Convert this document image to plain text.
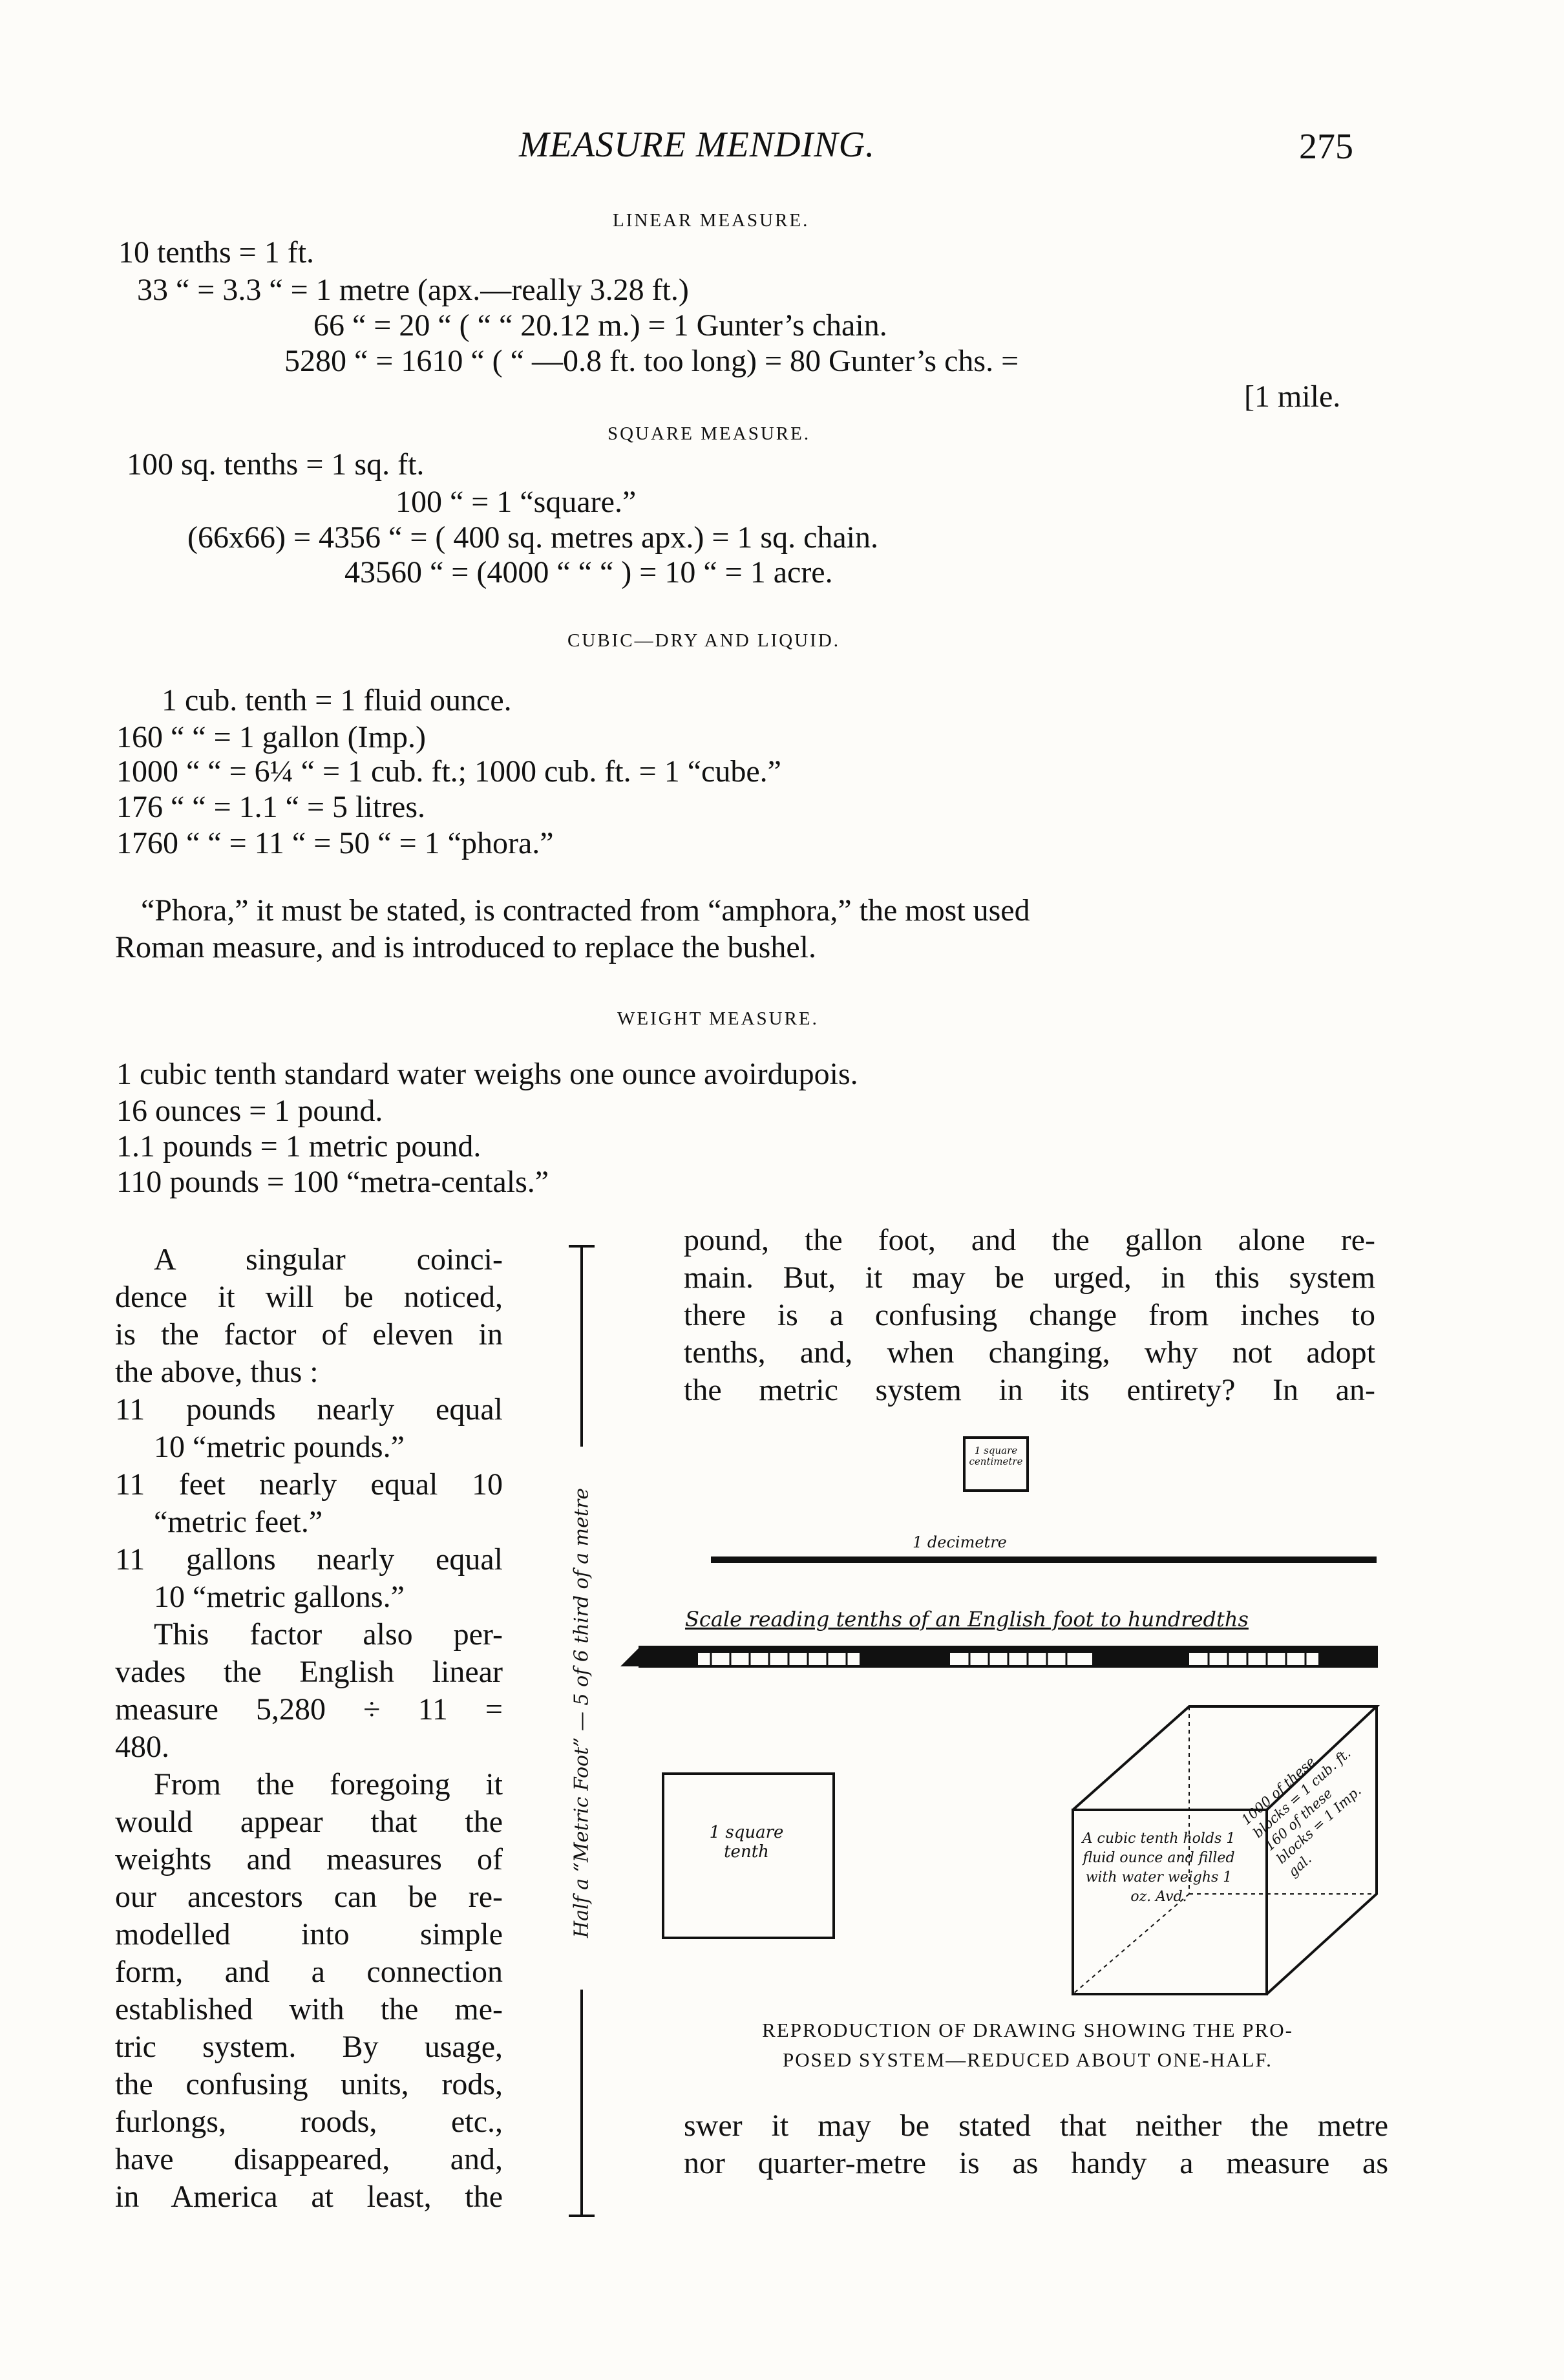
MEASURE MENDING.	275
LINEAR MEASURE.
10 tenths = 1 ft.
33 “ = 3.3 “ = 1 metre (apx.—really 3.28 ft.)
66 “ = 20 “ ( “ “ 20.12 m.) = 1 Gunter’s chain.
5280 “ = 1610 “ ( “ —0.8 ft. too long) = 80 Gunter’s chs. =
[1 mile.
SQUARE MEASURE.
100 sq. tenths = 1 sq. ft.
100 “ = 1 “square.”
(66x66) = 4356 “ = ( 400 sq. metres apx.) = 1 sq. chain.
43560 “ = (4000 “ “ “ ) = 10 “ = 1 acre.
CUBIC—DRY AND LIQUID.
1 cub. tenth = 1 fluid ounce.
160 “ “ = 1 gallon (Imp.)
1000 “ “ = 6¼ “ = 1 cub. ft.; 1000 cub. ft. = 1 “cube.”
176 “ “ = 1.1 “ = 5 litres.
1760 “ “ = 11 “ = 50 “ = 1 “phora.”
“Phora,” it must be stated, is contracted from “amphora,” the most used
Roman measure, and is introduced to replace the bushel.
WEIGHT MEASURE.
1 cubic tenth standard water weighs one ounce avoirdupois.
16 ounces = 1 pound.
1.1 pounds = 1 metric pound.
110 pounds = 100 “metra-centals.”
A singular coinci-
dence it will be noticed,
is the factor of eleven in
the above, thus :
11 pounds nearly equal
10 “metric pounds.”
11 feet nearly equal 10
“metric feet.”
11 gallons nearly equal
10 “metric gallons.”
This factor also per-
vades the English linear
measure 5,280 ÷ 11 =
480.
From the foregoing it
would appear that the
weights and measures of
our ancestors can be re-
modelled into simple
form, and a connection
established with the me-
tric system. By usage,
the confusing units, rods,
furlongs, roods, etc.,
have disappeared, and,
in America at least, the
Half a “Metric Foot” — 5 of 6 third of a metre
pound, the foot, and the gallon alone re-
main. But, it may be urged, in this system
there is a confusing change from inches to
tenths, and, when changing, why not adopt
the metric system in its entirety? In an-
1 square centimetre
1 decimetre
Scale reading tenths of an English foot to hundredths
1 square tenth
A cubic tenth holds 1 fluid ounce and filled with water weighs 1 oz. Avd.
1000 of these blocks = 1 cub. ft. 160 of these blocks = 1 Imp. gal.
REPRODUCTION OF DRAWING SHOWING THE PRO-
POSED SYSTEM—REDUCED ABOUT ONE-HALF.
swer it may be stated that neither the metre
nor quarter-metre is as handy a measure as
